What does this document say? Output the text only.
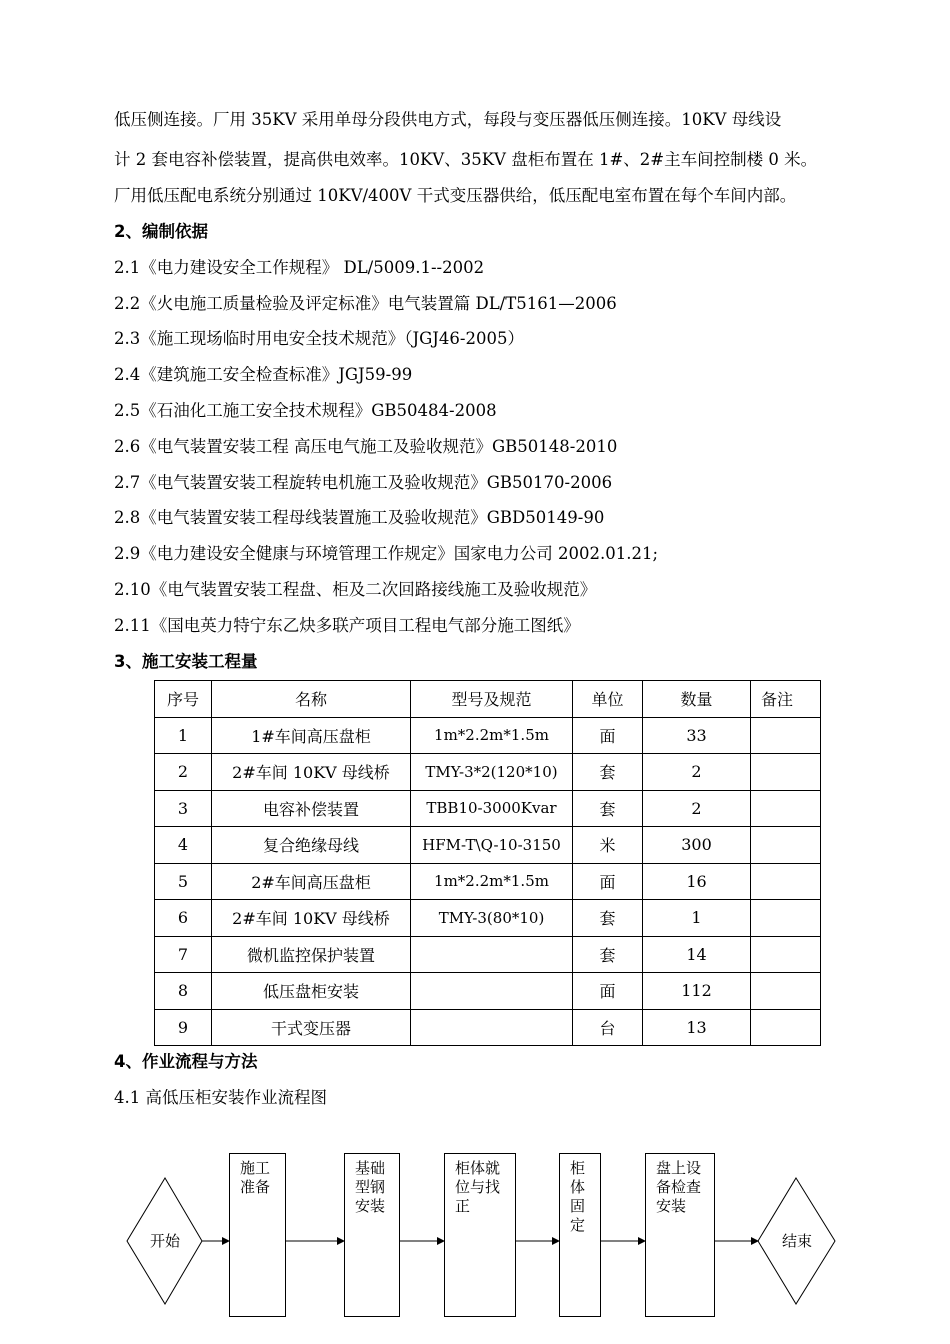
低压侧连接。厂用 35KV 采用单母分段供电方式，每段与变压器低压侧连接。10KV 母线设
计 2 套电容补偿装置，提高供电效率。10KV、35KV 盘柜布置在 1#、2#主车间控制楼 0 米。
厂用低压配电系统分别通过 10KV/400V 干式变压器供给，低压配电室布置在每个车间内部。
2、编制依据
2.1《电力建设安全工作规程》 DL/5009.1--2002
2.2《火电施工质量检验及评定标准》电气装置篇 DL/T5161—2006
2.3《施工现场临时用电安全技术规范》（JGJ46-2005）
2.4《建筑施工安全检查标准》JGJ59-99
2.5《石油化工施工安全技术规程》GB50484-2008
2.6《电气装置安装工程 高压电气施工及验收规范》GB50148-2010
2.7《电气装置安装工程旋转电机施工及验收规范》GB50170-2006
2.8《电气装置安装工程母线装置施工及验收规范》GBD50149-90
2.9《电力建设安全健康与环境管理工作规定》国家电力公司 2002.01.21;
2.10《电气装置安装工程盘、柜及二次回路接线施工及验收规范》
2.11《国电英力特宁东乙炔多联产项目工程电气部分施工图纸》
3、施工安装工程量
序号	名称	型号及规范	单位	数量	备注
1	1#车间高压盘柜	1m*2.2m*1.5m	面	33	
2	2#车间 10KV 母线桥	TMY-3*2(120*10)	套	2	
3	电容补偿装置	TBB10-3000Kvar	套	2	
4	复合绝缘母线	HFM-T\Q-10-3150	米	300	
5	2#车间高压盘柜	1m*2.2m*1.5m	面	16	
6	2#车间 10KV 母线桥	TMY-3(80*10)	套	1	
7	微机监控保护装置		套	14	
8	低压盘柜安装		面	112	
9	干式变压器		台	13	
4、作业流程与方法
4.1 高低压柜安装作业流程图
开始	结束
施工准备
基础型钢安装
柜体就位与找正
柜体固定
盘上设备检查安装
